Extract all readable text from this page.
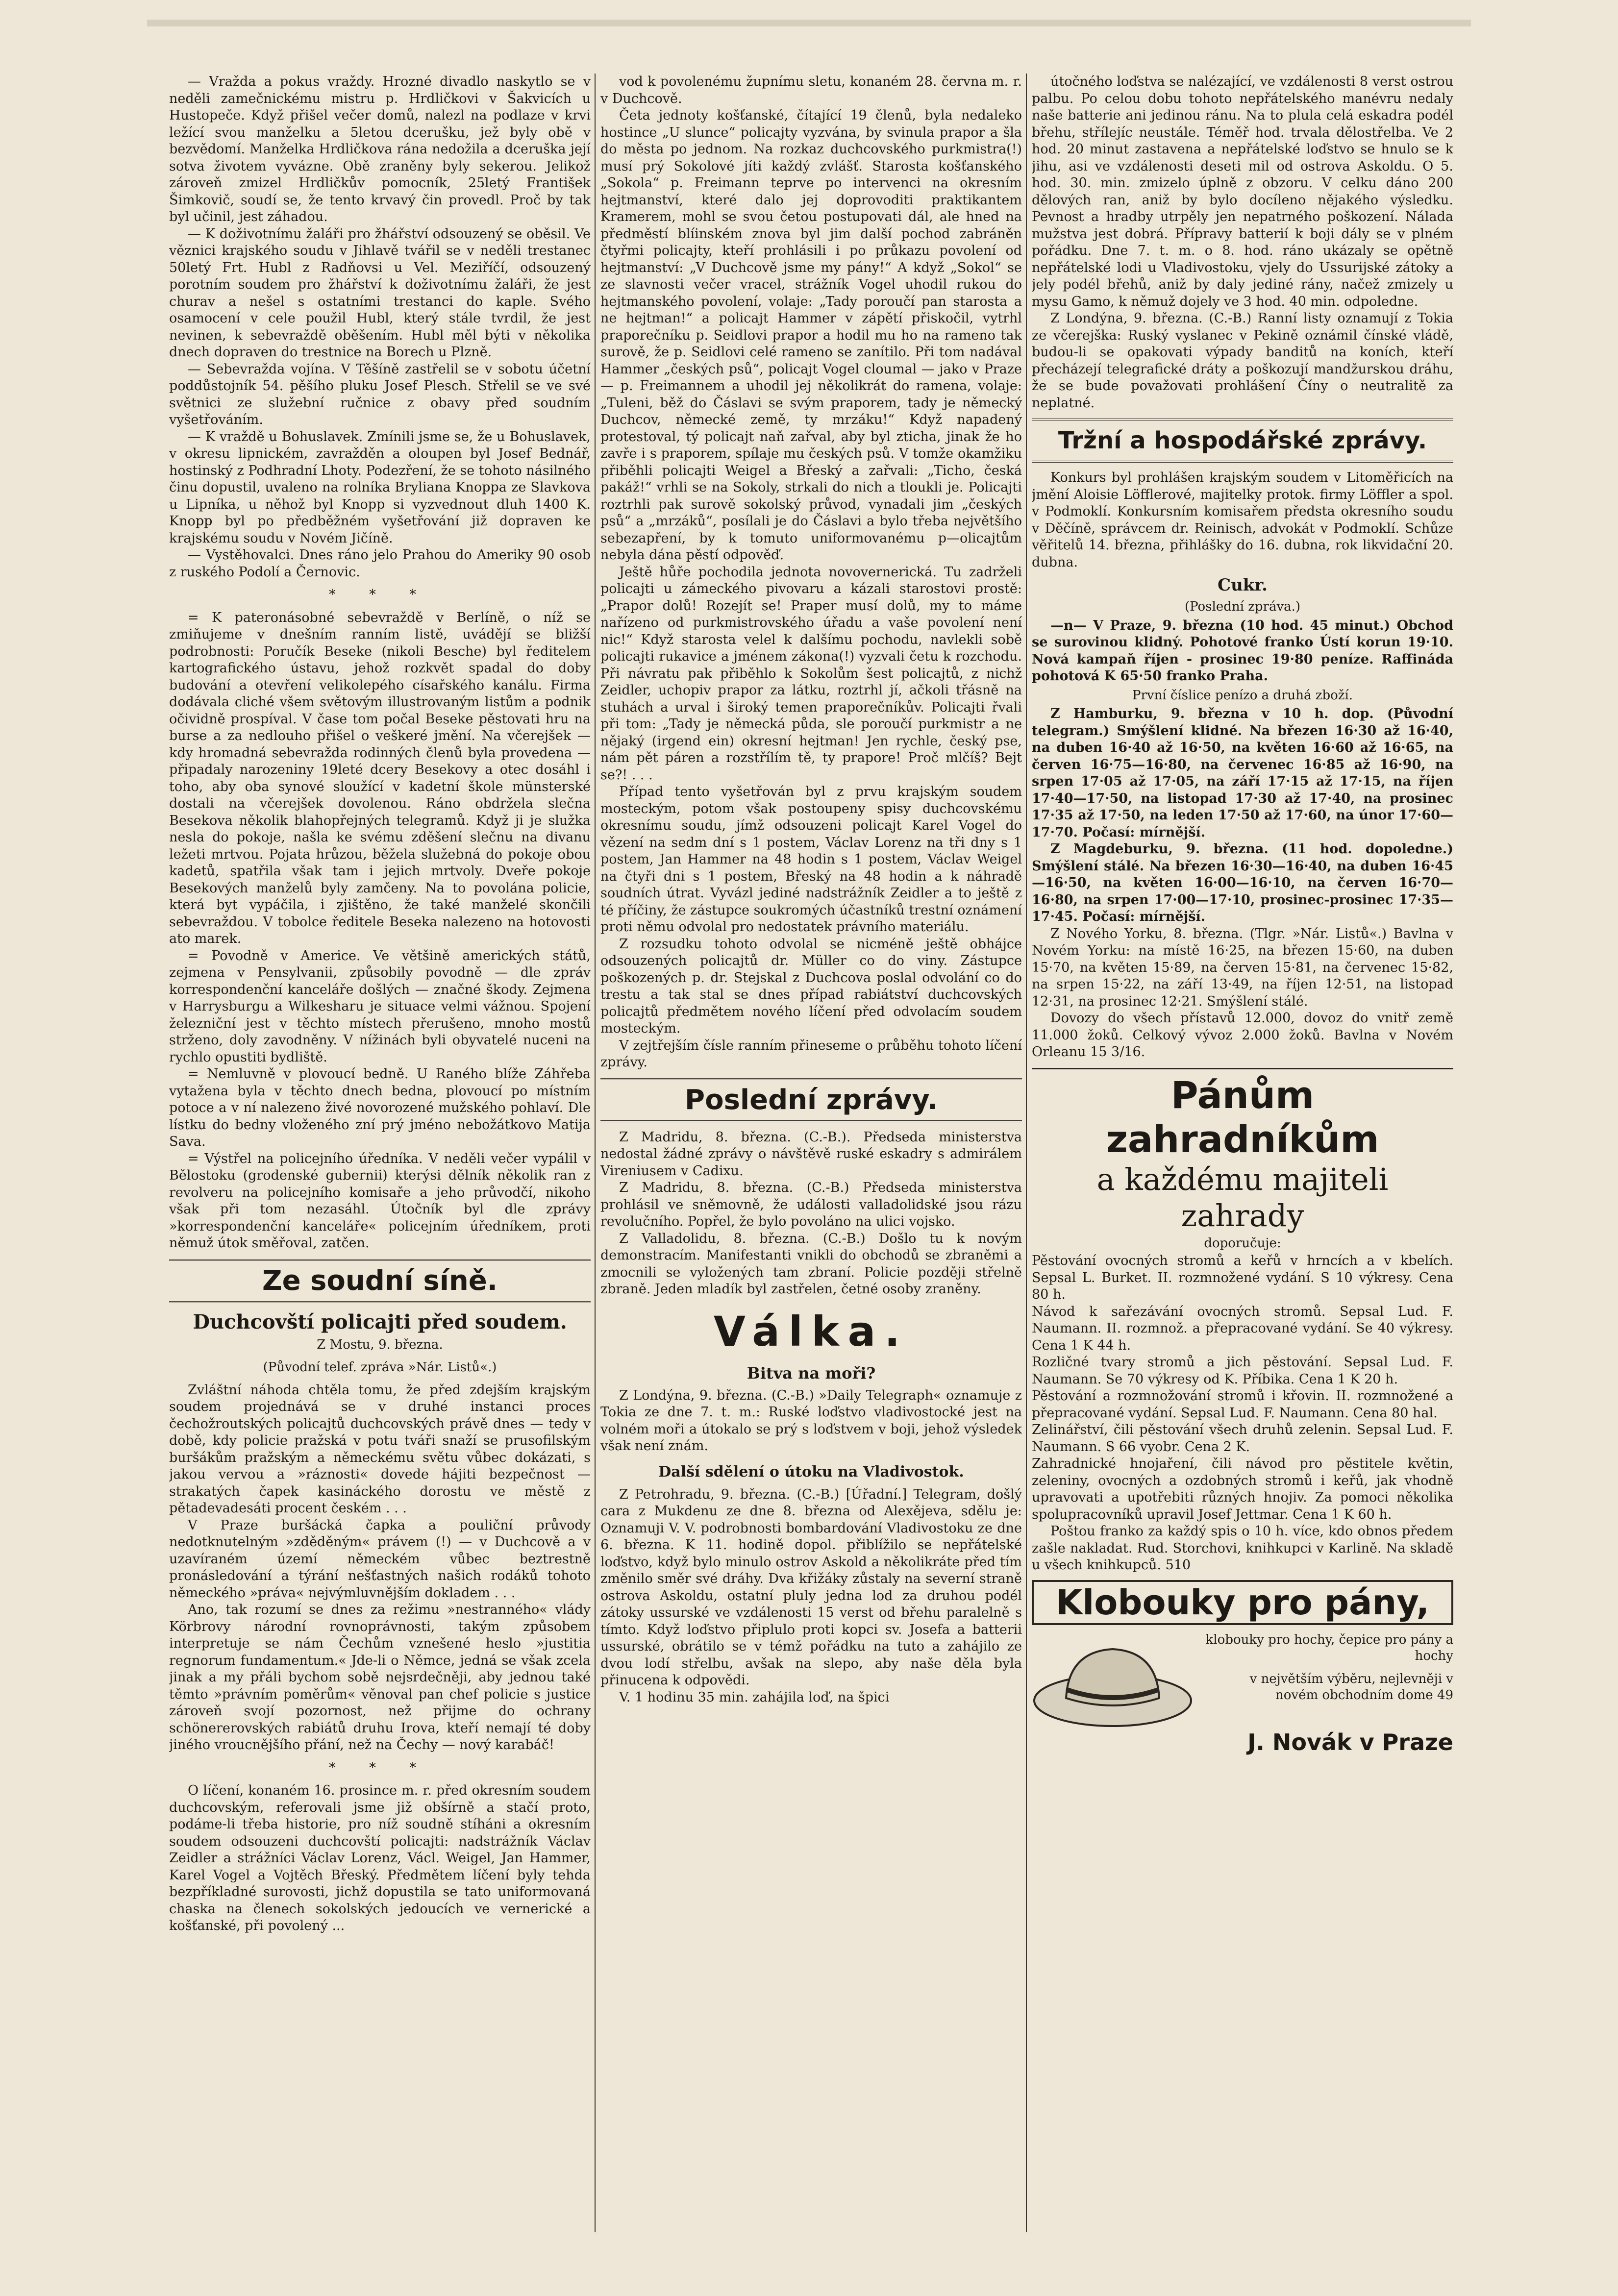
— Vražda a pokus vraždy. Hrozné divadlo naskytlo se v neděli zamečnickému mistru p. Hrdličkovi v Šakvicích u Hustopeče. Když přišel večer domů, nalezl na podlaze v krvi ležící svou manželku a 5letou dcerušku, jež byly obě v bezvědomí. Manželka Hrdličkova rána nedožila a dceruška její sotva životem vyvázne. Obě zraněny byly sekerou. Jelikož zároveň zmizel Hrdličkův pomocník, 25letý František Šimkovič, soudí se, že tento krvavý čin provedl. Proč by tak byl učinil, jest záhadou.

— K doživotnímu žaláři pro žhářství odsouzený se oběsil. Ve věznici krajského soudu v Jihlavě tvářil se v neděli trestanec 50letý Frt. Hubl z Radňovsi u Vel. Meziříčí, odsouzený porotním soudem pro žhářství k doživotnímu žaláři, že jest churav a nešel s ostatními trestanci do kaple. Svého osamocení v cele použil Hubl, který stále tvrdil, že jest nevinen, k sebevraždě oběšením. Hubl měl býti v několika dnech dopraven do trestnice na Borech u Plzně.

— Sebevražda vojína. V Těšíně zastřelil se v sobotu účetní poddůstojník 54. pěšího pluku Josef Plesch. Střelil se ve své světnici ze služební ručnice z obavy před soudním vyšetřováním.

— K vraždě u Bohuslavek. Zmínili jsme se, že u Bohuslavek, v okresu lipnickém, zavražděn a oloupen byl Josef Bednář, hostinský z Podhradní Lhoty. Podezření, že se tohoto násilného činu dopustil, uvaleno na rolníka Bryliana Knoppa ze Slavkova u Lipníka, u něhož byl Knopp si vyzvednout dluh 1400 K. Knopp byl po předběžném vyšetřování již dopraven ke krajskému soudu v Novém Jičíně.

— Vystěhovalci. Dnes ráno jelo Prahou do Ameriky 90 osob z ruského Podolí a Černovic.

* * *

= K pateronásobné sebevraždě v Berlíně, o níž se zmiňujeme v dnešním ranním listě, uvádějí se bližší podrobnosti: Poručík Beseke (nikoli Besche) byl ředitelem kartografického ústavu, jehož rozkvět spadal do doby budování a otevření velikolepého císařského kanálu. Firma dodávala cliché všem světovým illustrovaným listům a podnik očividně prospíval. V čase tom počal Beseke pěstovati hru na burse a za nedlouho přišel o veškeré jmění. Na včerejšek — kdy hromadná sebevražda rodinných členů byla provedena — připadaly narozeniny 19leté dcery Besekovy a otec dosáhl i toho, aby oba synové sloužící v kadetní škole münsterské dostali na včerejšek dovolenou. Ráno obdržela slečna Besekova několik blahopřejných telegramů. Když ji je služka nesla do pokoje, našla ke svému zděšení slečnu na divanu ležeti mrtvou. Pojata hrůzou, běžela služebná do pokoje obou kadetů, spatřila však tam i jejich mrtvoly. Dveře pokoje Besekových manželů byly zamčeny. Na to povolána policie, která byt vypáčila, i zjištěno, že také manželé skončili sebevraždou. V tobolce ředitele Beseka nalezeno na hotovosti ato marek.

= Povodně v Americe. Ve většině amerických států, zejmena v Pensylvanii, způsobily povodně — dle zpráv korrespondenční kanceláře došlých — značné škody. Zejmena v Harrysburgu a Wilkesharu je situace velmi vážnou. Spojení železniční jest v těchto místech přerušeno, mnoho mostů strženo, doly zavodněny. V nížinách byli obyvatelé nuceni na rychlo opustiti bydliště.

= Nemluvně v plovoucí bedně. U Raného blíže Záhřeba vytažena byla v těchto dnech bedna, plovoucí po místním potoce a v ní nalezeno živé novorozené mužského pohlaví. Dle lístku do bedny vloženého zní prý jméno nebožátkovo Matija Sava.

= Výstřel na policejního úředníka. V neděli večer vypálil v Bělostoku (grodenské gubernii) kterýsi dělník několik ran z revolveru na policejního komisaře a jeho průvodčí, nikoho však při tom nezasáhl. Útočník byl dle zprávy »korrespondenční kanceláře« policejním úředníkem, proti němuž útok směřoval, zatčen.

Ze soudní síně.
Duchcovští policajti před soudem.
Z Mostu, 9. března.
(Původní telef. zpráva »Nár. Listů«.)

Zvláštní náhoda chtěla tomu, že před zdejším krajským soudem projednává se v druhé instanci proces čechožroutských policajtů duchcovských právě dnes — tedy v době, kdy policie pražská v potu tváři snaží se prusofilským buršákům pražským a německému světu vůbec dokázati, s jakou vervou a »ráznosti« dovede hájiti bezpečnost — strakatých čapek kasináckého dorostu ve městě z pětadevadesáti procent českém . . .

V Praze buršácká čapka a pouliční průvody nedotknutelným »zděděným« právem (!) — v Duchcově a v uzavíraném území německém vůbec beztrestně pronásledování a týrání nešťastných našich rodáků tohoto německého »práva« nejvýmluvnějším dokladem . . .

Ano, tak rozumí se dnes za režimu »nestranného« vlády Körbrovy národní rovnoprávnosti, takým způsobem interpretuje se nám Čechům vznešené heslo »justitia regnorum fundamentum.« Jde-li o Němce, jedná se však zcela jinak a my přáli bychom sobě nejsrdečněji, aby jednou také těmto »právním poměrům« věnoval pan chef policie s justice zároveň svojí pozornost, než přijme do ochrany schönererovských rabiátů druhu Irova, kteří nemají té doby jiného vroucnějšího přání, než na Čechy — nový karabáč!

* * *

O líčení, konaném 16. prosince m. r. před okresním soudem duchcovským, referovali jsme již obšírně a stačí proto, podáme-li třeba historie, pro níž soudně stíháni a okresním soudem odsouzeni duchcovští policajti: nadstrážník Václav Zeidler a strážníci Václav Lorenz, Václ. Weigel, Jan Hammer, Karel Vogel a Vojtěch Břeský. Předmětem líčení byly tehda bezpříkladné surovosti, jichž dopustila se tato uniformovaná chaska na členech sokolských jedoucích ve vernerické a košťanské, při povolený ...

vod k povolenému župnímu sletu, konaném 28. června m. r. v Duchcově.

Četa jednoty košťanské, čítající 19 členů, byla nedaleko hostince „U slunce“ policajty vyzvána, by svinula prapor a šla do města po jednom. Na rozkaz duchcovského purkmistra(!) musí prý Sokolové jíti každý zvlášť. Starosta košťanského „Sokola“ p. Freimann teprve po intervenci na okresním hejtmanství, které dalo jej doprovoditi praktikantem Kramerem, mohl se svou četou postupovati dál, ale hned na předměstí blíinském znova byl jim další pochod zabráněn čtyřmi policajty, kteří prohlásili i po průkazu povolení od hejtmanství: „V Duchcově jsme my pány!“ A když „Sokol“ se ze slavnosti večer vracel, strážník Vogel uhodil rukou do hejtmanského povolení, volaje: „Tady poroučí pan starosta a ne hejtman!“ a policajt Hammer v zápětí přiskočil, vytrhl praporečníku p. Seidlovi prapor a hodil mu ho na rameno tak surově, že p. Seidlovi celé rameno se zanítilo. Při tom nadával Hammer „českých psů“, policajt Vogel cloumal — jako v Praze — p. Freimannem a uhodil jej několikrát do ramena, volaje: „Tuleni, běž do Čáslavi se svým praporem, tady je německý Duchcov, německé země, ty mrzáku!“ Když napadený protestoval, tý policajt naň zařval, aby byl zticha, jinak že ho zavře i s praporem, spílaje mu českých psů. V tomže okamžiku přiběhli policajti Weigel a Břeský a zařvali: „Ticho, česká pakáž!“ vrhli se na Sokoly, strkali do nich a tloukli je. Policajti roztrhli pak surově sokolský průvod, vynadali jim „českých psů“ a „mrzáků“, posílali je do Čáslavi a bylo třeba největšího sebezapření, by k tomuto uniformovanému p—olicajtům nebyla dána pěstí odpověď.

Ještě hůře pochodila jednota novovernerická. Tu zadrželi policajti u zámeckého pivovaru a kázali starostovi prostě: „Prapor dolů! Rozejít se! Praper musí dolů, my to máme nařízeno od purkmistrovského úřadu a vaše povolení není nic!“ Když starosta velel k dalšímu pochodu, navlekli sobě policajti rukavice a jménem zákona(!) vyzvali četu k rozchodu. Při návratu pak přiběhlo k Sokolům šest policajtů, z nichž Zeidler, uchopiv prapor za látku, roztrhl jí, ačkoli třásně na stuhách a urval i široký temen praporečníkův. Policajti řvali při tom: „Tady je německá půda, sle poroučí purkmistr a ne nějaký (irgend ein) okresní hejtman! Jen rychle, český pse, nám pět páren a rozstřílím tě, ty prapore! Proč mlčíš? Bejt se?! . . .

Případ tento vyšetřován byl z prvu krajským soudem mosteckým, potom však postoupeny spisy duchcovskému okresnímu soudu, jímž odsouzeni policajt Karel Vogel do vězení na sedm dní s 1 postem, Václav Lorenz na tři dny s 1 postem, Jan Hammer na 48 hodin s 1 postem, Václav Weigel na čtyři dni s 1 postem, Břeský na 48 hodin a k náhradě soudních útrat. Vyvázl jediné nadstrážník Zeidler a to ještě z té příčiny, že zástupce soukromých účastníků trestní oznámení proti němu odvolal pro nedostatek právního materiálu.

Z rozsudku tohoto odvolal se nicméně ještě obhájce odsouzených policajtů dr. Müller co do viny. Zástupce poškozených p. dr. Stejskal z Duchcova poslal odvolání co do trestu a tak stal se dnes případ rabiátství duchcovských policajtů předmětem nového líčení před odvolacím soudem mosteckým.

V zejtřejším čísle ranním přineseme o průběhu tohoto líčení zprávy.

Poslední zprávy.

Z Madridu, 8. března. (C.-B.). Předseda ministerstva nedostal žádné zprávy o návštěvě ruské eskadry s admirálem Vireniusem v Cadixu.

Z Madridu, 8. března. (C.-B.) Předseda ministerstva prohlásil ve sněmovně, že události valladolidské jsou rázu revolučního. Popřel, že bylo povoláno na ulici vojsko.

Z Valladolidu, 8. března. (C.-B.) Došlo tu k novým demonstracím. Manifestanti vnikli do obchodů se zbraněmi a zmocnili se vyložených tam zbraní. Policie později střelně zbraně. Jeden mladík byl zastřelen, četné osoby zraněny.

Válka.
Bitva na moři?

Z Londýna, 9. března. (C.-B.) »Daily Telegraph« oznamuje z Tokia ze dne 7. t. m.: Ruské loďstvo vladivostocké jest na volném moři a útokalo se prý s loďstvem v boji, jehož výsledek však není znám.

Další sdělení o útoku na Vladivostok.

Z Petrohradu, 9. března. (C.-B.) [Úřadní.] Telegram, došlý cara z Mukdenu ze dne 8. března od Alexějeva, sdělu je: Oznamuji V. V. podrobnosti bombardování Vladivostoku ze dne 6. března. K 11. hodině dopol. přiblížilo se nepřátelské loďstvo, když bylo minulo ostrov Askold a několikráte před tím změnilo směr své dráhy. Dva křižáky zůstaly na severní straně ostrova Askoldu, ostatní pluly jedna lod za druhou podél zátoky ussurské ve vzdálenosti 15 verst od břehu paralelně s tímto. Když loďstvo připlulo proti kopci sv. Josefa a batterii ussurské, obrátilo se v témž pořádku na tuto a zahájilo ze dvou lodí střelbu, avšak na slepo, aby naše děla byla přinucena k odpovědi.

V. 1 hodinu 35 min. zahájila loď, na špici

útočného loďstva se nalézající, ve vzdálenosti 8 verst ostrou palbu. Po celou dobu tohoto nepřátelského manévru nedaly naše batterie ani jedinou ránu. Na to plula celá eskadra podél břehu, střílejíc neustále. Téměř hod. trvala dělostřelba. Ve 2 hod. 20 minut zastavena a nepřátelské loďstvo se hnulo se k jihu, asi ve vzdálenosti deseti mil od ostrova Askoldu. O 5. hod. 30. min. zmizelo úplně z obzoru. V celku dáno 200 dělových ran, aniž by bylo docíleno nějakého výsledku. Pevnost a hradby utrpěly jen nepatrného poškození. Nálada mužstva jest dobrá. Přípravy batterií k boji dály se v plném pořádku. Dne 7. t. m. o 8. hod. ráno ukázaly se opětně nepřátelské lodi u Vladivostoku, vjely do Ussurijské zátoky a jely podél břehů, aniž by daly jediné rány, načež zmizely u mysu Gamo, k němuž dojely ve 3 hod. 40 min. odpoledne.

Z Londýna, 9. března. (C.-B.) Ranní listy oznamují z Tokia ze včerejška: Ruský vyslanec v Pekině oznámil čínské vládě, budou-li se opakovati výpady banditů na koních, kteří přecházejí telegrafické dráty a poškozují mandžurskou dráhu, že se bude považovati prohlášení Číny o neutralitě za neplatné.

Tržní a hospodářské zprávy.

Konkurs byl prohlášen krajským soudem v Litoměřicích na jmění Aloisie Löfflerové, majitelky protok. firmy Löffler a spol. v Podmoklí. Konkursním komisařem předsta okresního soudu v Děčíně, správcem dr. Reinisch, advokát v Podmoklí. Schůze věřitelů 14. března, přihlášky do 16. dubna, rok likvidační 20. dubna.

Cukr.
(Poslední zpráva.)

—n— V Praze, 9. března (10 hod. 45 minut.) Obchod se surovinou klidný. Pohotové franko Ústí korun 19·10. Nová kampaň říjen - prosinec 19·80 peníze. Raffináda pohotová K 65·50 franko Praha.

První číslice penízo a druhá zboží.

Z Hamburku, 9. března v 10 h. dop. (Původní telegram.) Smýšlení klidné. Na březen 16·30 až 16·40, na duben 16·40 až 16·50, na květen 16·60 až 16·65, na červen 16·75—16·80, na červenec 16·85 až 16·90, na srpen 17·05 až 17·05, na září 17·15 až 17·15, na říjen 17·40—17·50, na listopad 17·30 až 17·40, na prosinec 17·35 až 17·50, na leden 17·50 až 17·60, na únor 17·60—17·70. Počasí: mírnější.

Z Magdeburku, 9. března. (11 hod. dopoledne.) Smýšlení stálé. Na březen 16·30—16·40, na duben 16·45—16·50, na květen 16·00—16·10, na červen 16·70—16·80, na srpen 17·00—17·10, prosinec-prosinec 17·35—17·45. Počasí: mírnější.

Z Nového Yorku, 8. března. (Tlgr. »Nár. Listů«.) Bavlna v Novém Yorku: na místě 16·25, na březen 15·60, na duben 15·70, na květen 15·89, na červen 15·81, na červenec 15·82, na srpen 15·22, na září 13·49, na říjen 12·51, na listopad 12·31, na prosinec 12·21. Smýšlení stálé.

Dovozy do všech přístavů 12.000, dovoz do vnitř země 11.000 žoků. Celkový vývoz 2.000 žoků. Bavlna v Novém Orleanu 15 3/16.

Pánům zahradníkům
a každému majiteli zahrady
doporučuje:

Pěstování ovocných stromů a keřů v hrncích a v kbelích. Sepsal L. Burket. II. rozmnožené vydání. S 10 výkresy. Cena 80 h.

Návod k sařezávání ovocných stromů. Sepsal Lud. F. Naumann. II. rozmnož. a přepracované vydání. Se 40 výkresy. Cena 1 K 44 h.

Rozličné tvary stromů a jich pěstování. Sepsal Lud. F. Naumann. Se 70 výkresy od K. Příbika. Cena 1 K 20 h.

Pěstování a rozmnožování stromů i křovin. II. rozmnožené a přepracované vydání. Sepsal Lud. F. Naumann. Cena 80 hal.

Zelinářství, čili pěstování všech druhů zelenin. Sepsal Lud. F. Naumann. S 66 vyobr. Cena 2 K.

Zahradnické hnojaření, čili návod pro pěstitele květin, zeleniny, ovocných a ozdobných stromů i keřů, jak vhodně upravovati a upotřebiti různých hnojiv. Za pomoci několika spolupracovníků upravil Josef Jettmar. Cena 1 K 60 h.

Poštou franko za každý spis o 10 h. více, kdo obnos předem zašle nakladat. Rud. Storchovi, knihkupci v Karlině. Na skladě u všech knihkupců. 510

Klobouky pro pány,
klobouky pro hochy, čepice pro pány a hochy
v největším výběru, nejlevněji v novém obchodním dome 49
J. Novák v Praze
